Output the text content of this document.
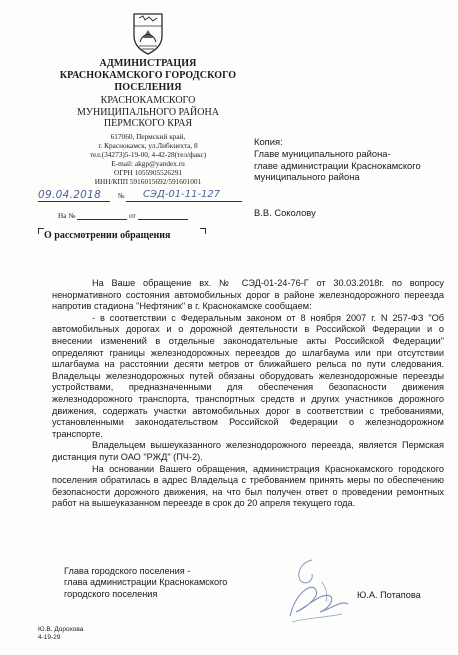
АДМИНИСТРАЦИЯ
КРАСНОКАМСКОГО ГОРОДСКОГО
ПОСЕЛЕНИЯ
КРАСНОКАМСКОГО
МУНИЦИПАЛЬНОГО РАЙОНА
ПЕРМСКОГО КРАЯ
617060, Пермский край,
г. Краснокамск, ул.Либкнехта, 8
тел.(34273)5-19-00, 4-42-28(тел/факс)
E-mail: akgp@yandex.ru
ОГРН 1055905526291
ИНН/КПП 5916015692/591601001
09.04.2018 № СЭД-01-11-127
На №	от
О рассмотрении обращения
Копия:
Главе муниципального района-
главе администрации Краснокамского
муниципального района
В.В. Соколову

На Ваше обращение вх. № СЭД-01-24-76-Г от 30.03.2018г. по вопросу ненормативного состояния автомобильных дорог в районе железнодорожного переезда напротив стадиона "Нефтяник" в г. Краснокамске сообщаем:

- в соответствии с Федеральным законом от 8 ноября 2007 г. N 257-ФЗ "Об автомобильных дорогах и о дорожной деятельности в Российской Федерации и о внесении изменений в отдельные законодательные акты Российской Федерации" определяют границы железнодорожных переездов до шлагбаума или при отсутствии шлагбаума на расстоянии десяти метров от ближайшего рельса по пути следования. Владельцы железнодорожных путей обязаны оборудовать железнодорожные переезды устройствами, предназначенными для обеспечения безопасности движения железнодорожного транспорта, транспортных средств и других участников дорожного движения, содержать участки автомобильных дорог в соответствии с требованиями, установленными законодательством Российской Федерации о железнодорожном транспорте.

Владельцем вышеуказанного железнодорожного переезда, является Пермская дистанция пути ОАО "РЖД" (ПЧ-2).

На основании Вашего обращения, администрация Краснокамского городского поселения обратилась в адрес Владельца с требованием принять меры по обеспечению безопасности дорожного движения, на что был получен ответ о проведении ремонтных работ на вышеуказанном переезде в срок до 20 апреля текущего года.

Глава городского поселения -
глава администрации Краснокамского
городского поселения	Ю.А. Потапова
Ю.В. Дорохова
4-19-29
